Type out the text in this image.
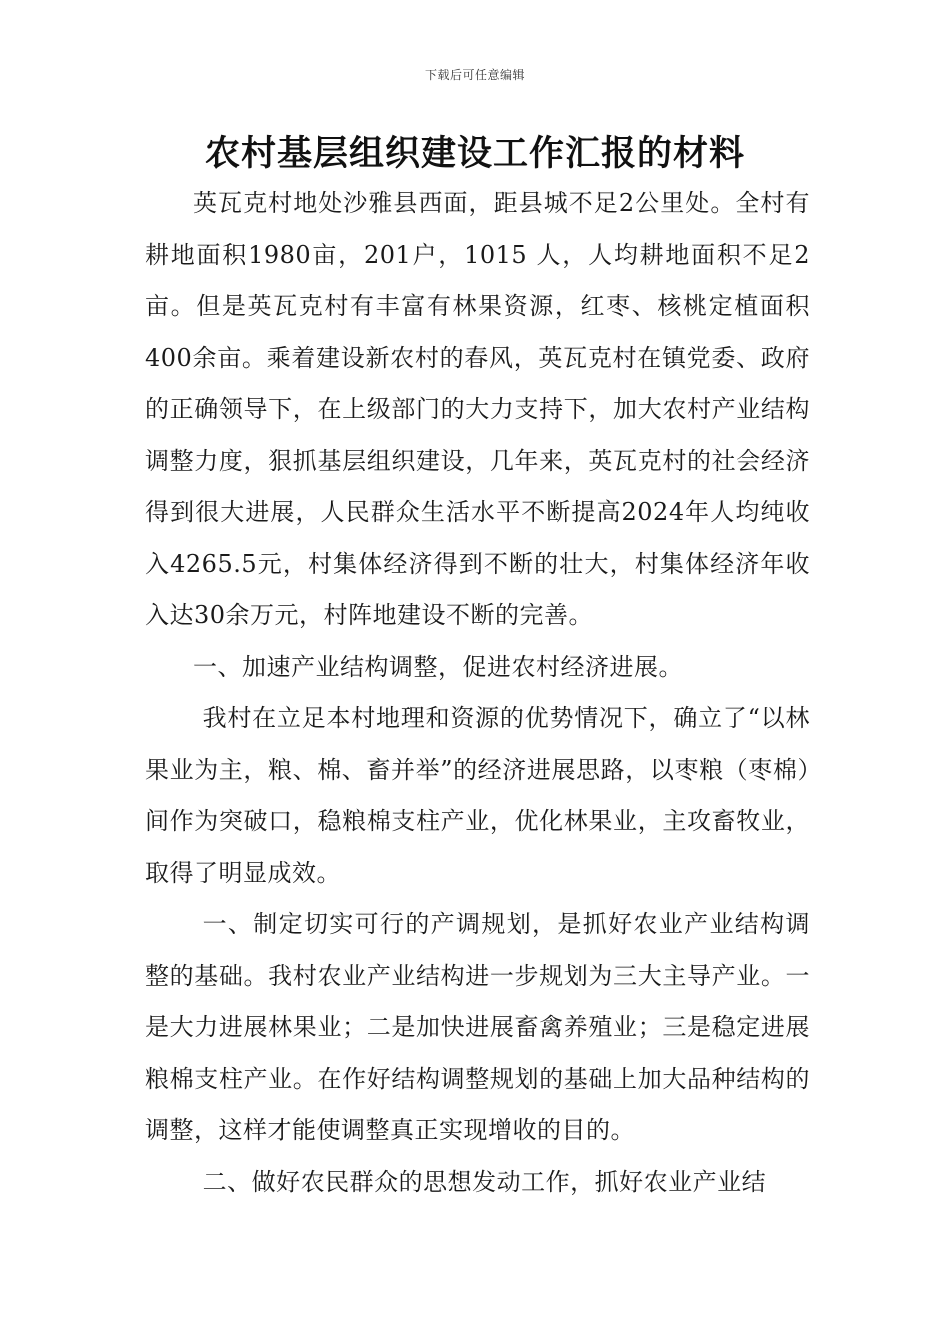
下载后可任意编辑
农村基层组织建设工作汇报的材料

英瓦克村地处沙雅县西面，距县城不足2公里处。全村有耕地面积1980亩，201户，1015 人，人均耕地面积不足2亩。但是英瓦克村有丰富有林果资源，红枣、核桃定植面积400余亩。乘着建设新农村的春风，英瓦克村在镇党委、政府的正确领导下，在上级部门的大力支持下，加大农村产业结构调整力度，狠抓基层组织建设，几年来，英瓦克村的社会经济得到很大进展，人民群众生活水平不断提高2024年人均纯收入4265.5元，村集体经济得到不断的壮大，村集体经济年收入达30余万元，村阵地建设不断的完善。

一、加速产业结构调整，促进农村经济进展。

我村在立足本村地理和资源的优势情况下，确立了“以林果业为主，粮、棉、畜并举”的经济进展思路，以枣粮（枣棉）间作为突破口，稳粮棉支柱产业，优化林果业，主攻畜牧业，取得了明显成效。

一、制定切实可行的产调规划，是抓好农业产业结构调整的基础。我村农业产业结构进一步规划为三大主导产业。一是大力进展林果业；二是加快进展畜禽养殖业；三是稳定进展粮棉支柱产业。在作好结构调整规划的基础上加大品种结构的调整，这样才能使调整真正实现增收的目的。

二、做好农民群众的思想发动工作，抓好农业产业结
